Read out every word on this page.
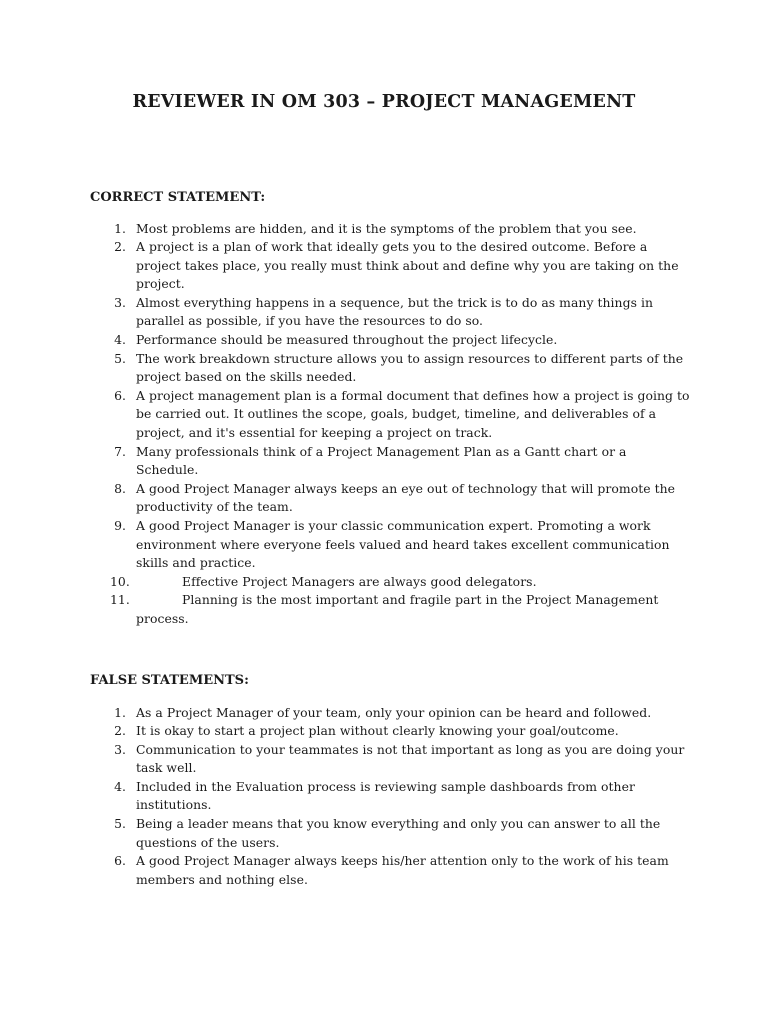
REVIEWER IN OM 303 – PROJECT MANAGEMENT
CORRECT STATEMENT:
1. Most problems are hidden, and it is the symptoms of the problem that you see.
2. A project is a plan of work that ideally gets you to the desired outcome. Before a project takes place, you really must think about and define why you are taking on the project.
3. Almost everything happens in a sequence, but the trick is to do as many things in parallel as possible, if you have the resources to do so.
4. Performance should be measured throughout the project lifecycle.
5. The work breakdown structure allows you to assign resources to different parts of the project based on the skills needed.
6. A project management plan is a formal document that defines how a project is going to be carried out. It outlines the scope, goals, budget, timeline, and deliverables of a project, and it's essential for keeping a project on track.
7. Many professionals think of a Project Management Plan as a Gantt chart or a Schedule.
8. A good Project Manager always keeps an eye out of technology that will promote the productivity of the team.
9. A good Project Manager is your classic communication expert. Promoting a work environment where everyone feels valued and heard takes excellent communication skills and practice.
10.	Effective Project Managers are always good delegators.
11.	Planning is the most important and fragile part in the Project Management process.
FALSE STATEMENTS:
1. As a Project Manager of your team, only your opinion can be heard and followed.
2. It is okay to start a project plan without clearly knowing your goal/outcome.
3. Communication to your teammates is not that important as long as you are doing your task well.
4. Included in the Evaluation process is reviewing sample dashboards from other institutions.
5. Being a leader means that you know everything and only you can answer to all the questions of the users.
6. A good Project Manager always keeps his/her attention only to the work of his team members and nothing else.
